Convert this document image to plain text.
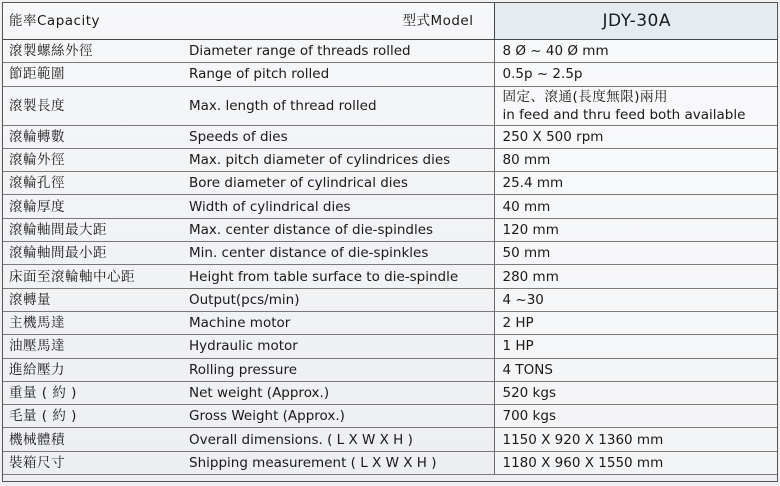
能率Capacity	型式Model	JDY-30A
滾製螺絲外徑	Diameter range of threads rolled	8 Ø ~ 40 Ø mm
節距範圍	Range of pitch rolled	0.5p ~ 2.5p
滾製長度	Max. length of thread rolled	固定、滾通(長度無限)兩用
in feed and thru feed both available

滾輪轉數	Speeds of dies	250 X 500 rpm
滾輪外徑	Max. pitch diameter of cylindrices dies	80 mm
滾輪孔徑	Bore diameter of cylindrical dies	25.4 mm
滾輪厚度	Width of cylindrical dies	40 mm
滾輪軸間最大距	Max. center distance of die-spindles	120 mm
滾輪軸間最小距	Min. center distance of die-spinkles	50 mm
床面至滾輪軸中心距	Height from table surface to die-spindle	280 mm
滾轉量	Output(pcs/min)	4 ~30
主機馬達	Machine motor	2 HP
油壓馬達	Hydraulic motor	1 HP
進給壓力	Rolling pressure	4 TONS
重量 ( 約 )	Net weight (Approx.)	520 kgs
毛量 ( 約 )	Gross Weight (Approx.)	700 kgs
機械體積	Overall dimensions. ( L X W X H )	1150 X 920 X 1360 mm
裝箱尺寸	Shipping measurement ( L X W X H )	1180 X 960 X 1550 mm
